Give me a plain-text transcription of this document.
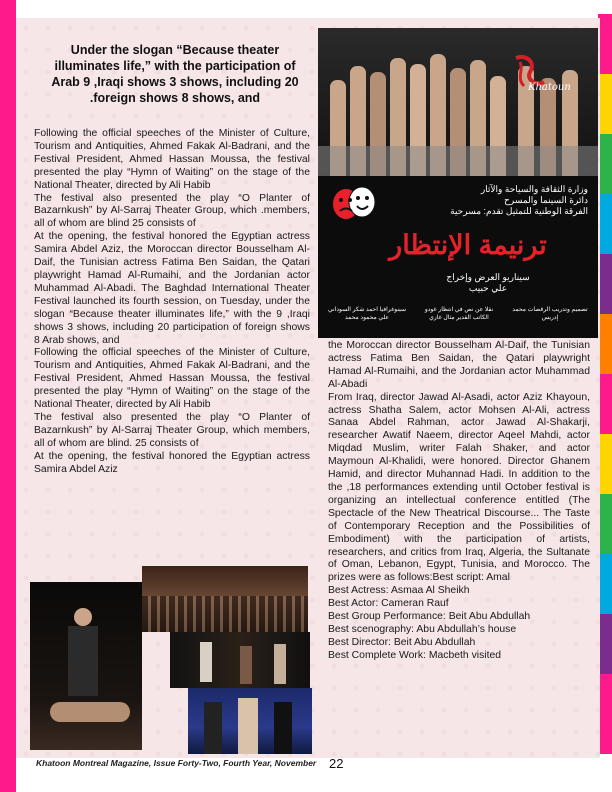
Under the slogan “Because theater illuminates life,” with the participation of Arab 9 ,Iraqi shows 3 shows, including 20 .foreign shows 8 shows, and

Following the official speeches of the Minister of Culture, Tourism and Antiquities, Ahmed Fakak Al-Badrani, and the Festival President, Ahmed Hassan Moussa, the festival presented the play “Hymn of Waiting” on the stage of the National Theater, directed by Ali Habib

The festival also presented the play “O Planter of Bazarnkush” by Al-Sarraj Theater Group, which .members, all of whom are blind 25 consists of

At the opening, the festival honored the Egyptian actress Samira Abdel Aziz, the Moroccan director Bousselham Al-Daif, the Tunisian actress Fatima Ben Saidan, the Qatari playwright Hamad Al-Rumaihi, and the Jordanian actor Muhammad Al-Abadi. The Baghdad International Theater Festival launched its fourth session, on Tuesday, under the slogan “Because theater illuminates life,” with the 9 ,Iraqi shows 3 shows, including 20 participation of foreign shows 8 Arab shows, and

Following the official speeches of the Minister of Culture, Tourism and Antiquities, Ahmed Fakak Al-Badrani, and the Festival President, Ahmed Hassan Moussa, the festival presented the play “Hymn of Waiting” on the stage of the National Theater, directed by Ali Habib

The festival also presented the play “O Planter of Bazarnkush” by Al-Sarraj Theater Group, which members, all of whom are blind. 25 consists of

At the opening, the festival honored the Egyptian actress Samira Abdel Aziz

Khatoun
وزارة الثقافة والسياحة والآثار
دائرة السينما والمسرح
الفرقة الوطنية للتمثيل تقدم: مسرحية
ترنيمة الإنتظار
سيناريو العرض وإخراج
علي حبيب
تصميم وتدريب الرقصات محمد إدريس
نقلا عن نص في انتظار غودو الكاتب القدير مثال غازي
سينوغرافيا احمد شكر السوداني علي محمود محمد

the Moroccan director Bousselham Al-Daif, the Tunisian actress Fatima Ben Saidan, the Qatari playwright Hamad Al-Rumaihi, and the Jordanian actor Muhammad Al-Abadi

From Iraq, director Jawad Al-Asadi, actor Aziz Khayoun, actress Shatha Salem, actor Mohsen Al-Ali, actress Sanaa Abdel Rahman, actor Jawad Al-Shakarji, researcher Awatif Naeem, director Aqeel Mahdi, actor Miqdad Muslim, writer Falah Shaker, and actor Maymoun Al-Khalidi, were honored. Director Ghanem Hamid, and director Muhannad Hadi. In addition to the the ,18 performances extending until October festival is organizing an intellectual conference entitled (The Spectacle of the New Theatrical Discourse... The Taste of Contemporary Reception and the Possibilities of Embodiment) with the participation of artists, researchers, and critics from Iraq, Algeria, the Sultanate of Oman, Lebanon, Egypt, Tunisia, and Morocco. The prizes were as follows:Best script: Amal

Best Actress: Asmaa Al Sheikh

Best Actor: Cameran Rauf

Best Group Performance: Beit Abu Abdullah

Best scenography: Abu Abdullah’s house

Best Director: Beit Abu Abdullah

Best Complete Work: Macbeth visited

Khatoon Montreal Magazine, Issue Forty-Two, Fourth Year, November 22
